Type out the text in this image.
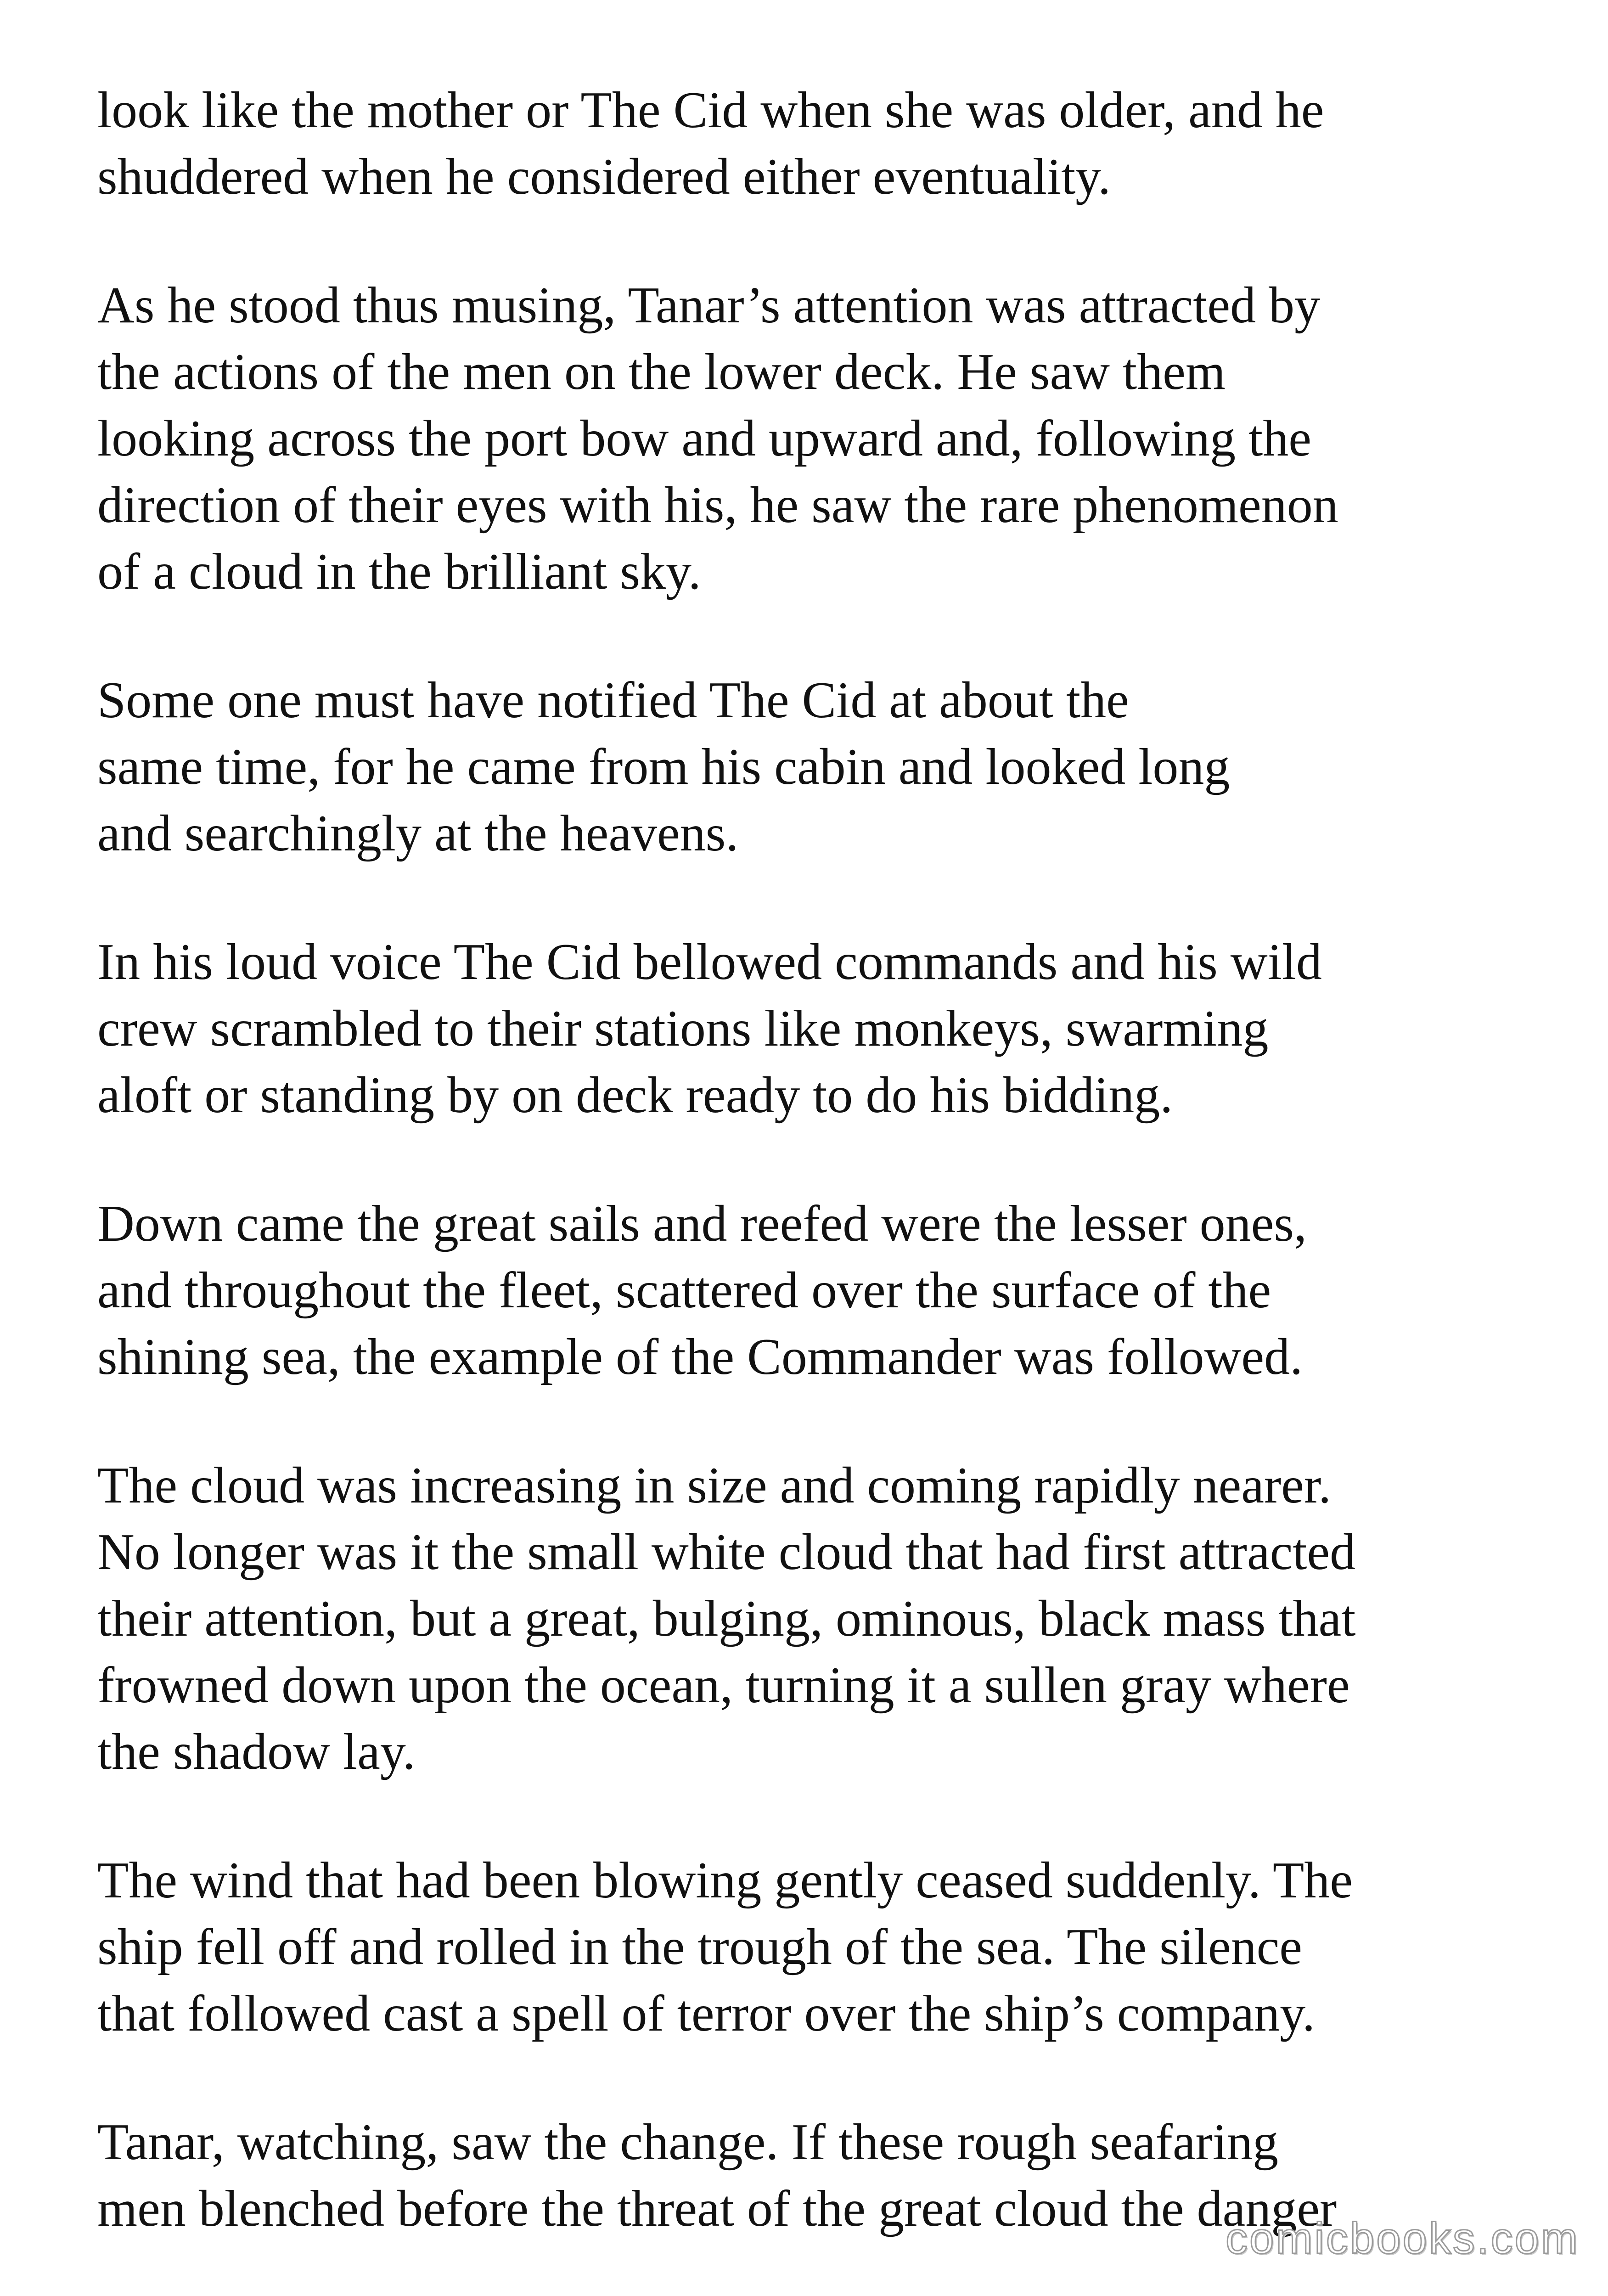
look like the mother or The Cid when she was older, and he
shuddered when he considered either eventuality.

As he stood thus musing, Tanar’s attention was attracted by
the actions of the men on the lower deck. He saw them
looking across the port bow and upward and, following the
direction of their eyes with his, he saw the rare phenomenon
of a cloud in the brilliant sky.

Some one must have notified The Cid at about the
same time, for he came from his cabin and looked long
and searchingly at the heavens.

In his loud voice The Cid bellowed commands and his wild
crew scrambled to their stations like monkeys, swarming
aloft or standing by on deck ready to do his bidding.

Down came the great sails and reefed were the lesser ones,
and throughout the fleet, scattered over the surface of the
shining sea, the example of the Commander was followed.

The cloud was increasing in size and coming rapidly nearer.
No longer was it the small white cloud that had first attracted
their attention, but a great, bulging, ominous, black mass that
frowned down upon the ocean, turning it a sullen gray where
the shadow lay.

The wind that had been blowing gently ceased suddenly. The
ship fell off and rolled in the trough of the sea. The silence
that followed cast a spell of terror over the ship’s company.

Tanar, watching, saw the change. If these rough seafaring
men blenched before the threat of the great cloud the danger

comicbooks.com
